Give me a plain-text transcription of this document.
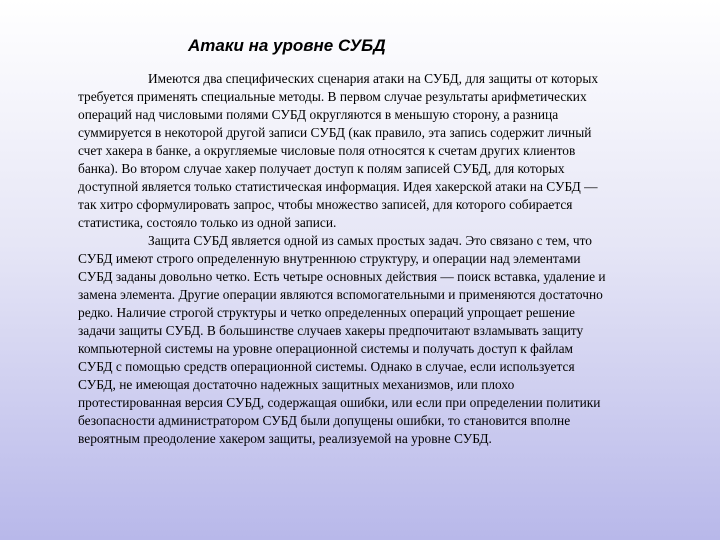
Атаки на уровне СУБД

Имеются два специфических сценария атаки на СУБД, для защиты от которых требуется применять специальные методы. В первом случае результаты арифметических операций над числовыми полями СУБД округляются в меньшую сторону, а разница суммируется в некоторой другой записи СУБД (как правило, эта запись содержит личный счет хакера в банке, а округляемые числовые поля относятся к счетам других клиентов банка). Во втором случае хакер получает доступ к полям записей СУБД, для которых доступной является только статистическая информация. Идея хакерской атаки на СУБД — так хитро сформулировать запрос, чтобы множество записей, для которого собирается статистика, состояло только из одной записи.

Защита СУБД является одной из самых простых задач. Это связано с тем, что СУБД имеют строго определенную внутреннюю структуру, и операции над элементами СУБД заданы довольно четко. Есть четыре основных действия — поиск вставка, удаление и замена элемента. Другие операции являются вспомогательными и применяются достаточно редко. Наличие строгой структуры и четко определенных операций упрощает решение задачи защиты СУБД. В большинстве случаев хакеры предпочитают взламывать защиту компьютерной системы на уровне операционной системы и получать доступ к файлам СУБД с помощью средств операционной системы. Однако в случае, если используется СУБД, не имеющая достаточно надежных защитных механизмов, или плохо протестированная версия СУБД, содержащая ошибки, или если при определении политики безопасности администратором СУБД были допущены ошибки, то становится вполне вероятным преодоление хакером защиты, реализуемой на уровне СУБД.
